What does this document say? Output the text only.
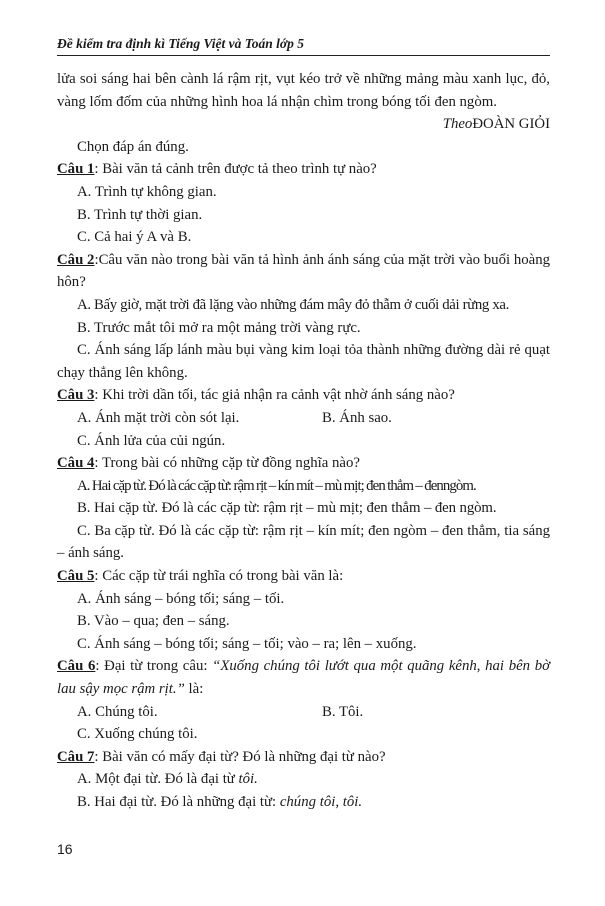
Đề kiểm tra định kì Tiếng Việt và Toán lớp 5

lửa soi sáng hai bên cành lá rậm rịt, vụt kéo trở về những mảng màu xanh lục, đỏ, vàng lốm đốm của những hình hoa lá nhận chìm trong bóng tối đen ngòm.

TheoĐOÀN GIỎI

Chọn đáp án đúng.

Câu 1: Bài văn tả cảnh trên được tả theo trình tự nào?

A. Trình tự không gian.

B. Trình tự thời gian.

C. Cả hai ý A và B.

Câu 2:Câu văn nào trong bài văn tả hình ảnh ánh sáng của mặt trời vào buổi hoàng hôn?

A. Bấy giờ, mặt trời đã lặng vào những đám mây đỏ thẫm ở cuối dải rừng xa.

B. Trước mắt tôi mở ra một mảng trời vàng rực.

C. Ánh sáng lấp lánh màu bụi vàng kim loại tỏa thành những đường dài rẻ quạt chạy thẳng lên không.

Câu 3: Khi trời dần tối, tác giả nhận ra cảnh vật nhờ ánh sáng nào?

A. Ánh mặt trời còn sót lại.	B. Ánh sao.

C. Ánh lửa của củi ngún.

Câu 4: Trong bài có những cặp từ đồng nghĩa nào?

A. Hai cặp từ. Đó là các cặp từ: rậm rịt – kín mít – mù mịt; đen thẳm – đenngòm.

B. Hai cặp từ. Đó là các cặp từ: rậm rịt – mù mịt; đen thẳm – đen ngòm.

C. Ba cặp từ. Đó là các cặp từ: rậm rịt – kín mít; đen ngòm – đen thẳm, tia sáng – ánh sáng.

Câu 5: Các cặp từ trái nghĩa có trong bài văn là:

A. Ánh sáng – bóng tối; sáng – tối.

B. Vào – qua; đen – sáng.

C. Ánh sáng – bóng tối; sáng – tối; vào – ra; lên – xuống.

Câu 6: Đại từ trong câu: “Xuống chúng tôi lướt qua một quãng kênh, hai bên bờ lau sậy mọc rậm rịt.” là:

A. Chúng tôi.	B. Tôi.

C. Xuống chúng tôi.

Câu 7: Bài văn có mấy đại từ? Đó là những đại từ nào?

A. Một đại từ. Đó là đại từ tôi.

B. Hai đại từ. Đó là những đại từ: chúng tôi, tôi.

16
